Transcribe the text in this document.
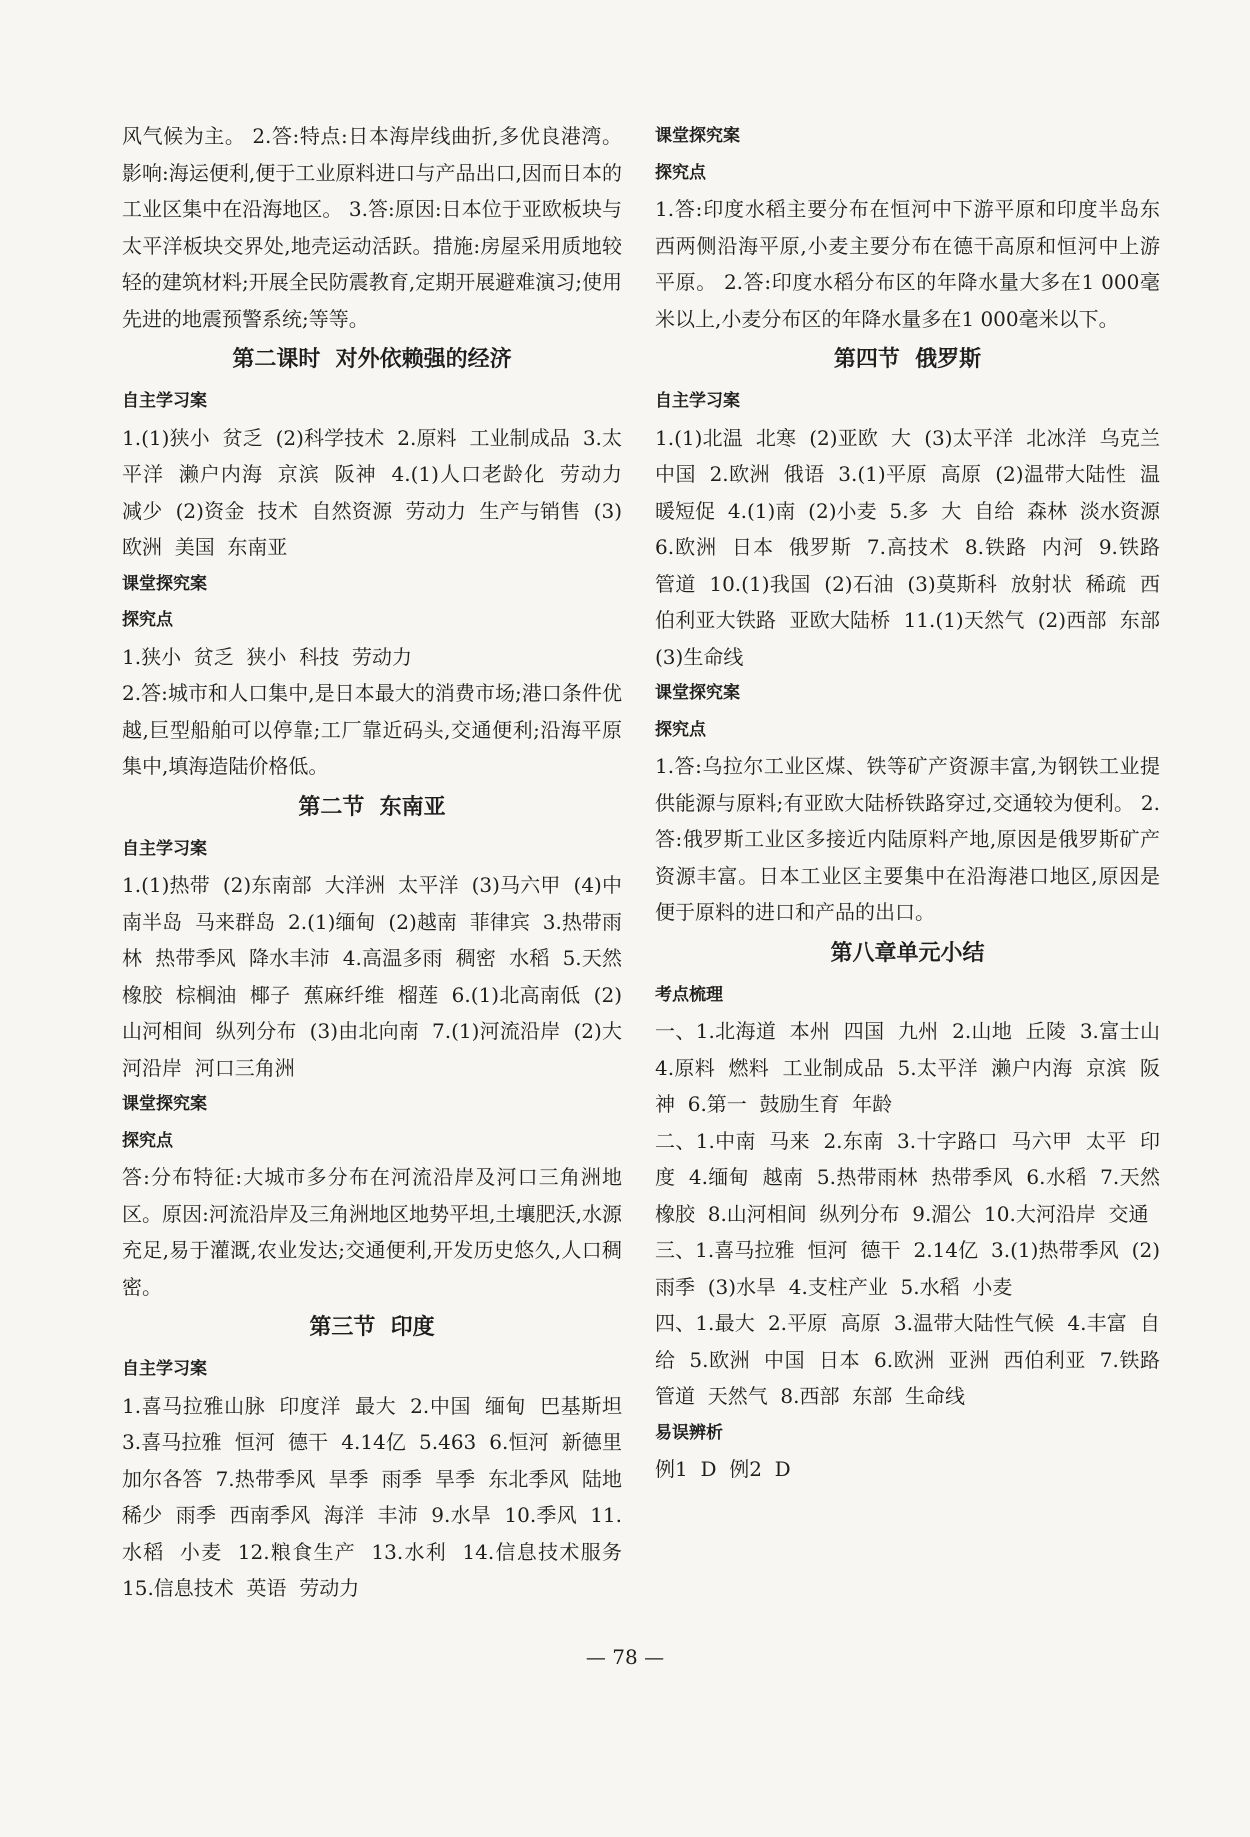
风气候为主。 2.答:特点:日本海岸线曲折,多优良港湾。影响:海运便利,便于工业原料进口与产品出口,因而日本的工业区集中在沿海地区。 3.答:原因:日本位于亚欧板块与太平洋板块交界处,地壳运动活跃。措施:房屋采用质地较轻的建筑材料;开展全民防震教育,定期开展避难演习;使用先进的地震预警系统;等等。

第二课时  对外依赖强的经济
自主学习案

1.(1)狭小  贫乏  (2)科学技术  2.原料  工业制成品  3.太平洋  濑户内海  京滨  阪神  4.(1)人口老龄化  劳动力  减少  (2)资金  技术  自然资源  劳动力  生产与销售  (3)欧洲  美国  东南亚

课堂探究案
探究点

1.狭小  贫乏  狭小  科技  劳动力

2.答:城市和人口集中,是日本最大的消费市场;港口条件优越,巨型船舶可以停靠;工厂靠近码头,交通便利;沿海平原集中,填海造陆价格低。

第二节  东南亚
自主学习案

1.(1)热带  (2)东南部  大洋洲  太平洋  (3)马六甲  (4)中南半岛  马来群岛  2.(1)缅甸  (2)越南  菲律宾  3.热带雨林  热带季风  降水丰沛  4.高温多雨  稠密  水稻  5.天然橡胶  棕榈油  椰子  蕉麻纤维  榴莲  6.(1)北高南低  (2)山河相间  纵列分布  (3)由北向南  7.(1)河流沿岸  (2)大河沿岸  河口三角洲

课堂探究案
探究点

答:分布特征:大城市多分布在河流沿岸及河口三角洲地区。原因:河流沿岸及三角洲地区地势平坦,土壤肥沃,水源充足,易于灌溉,农业发达;交通便利,开发历史悠久,人口稠密。

第三节  印度
自主学习案

1.喜马拉雅山脉  印度洋  最大  2.中国  缅甸  巴基斯坦  3.喜马拉雅  恒河  德干  4.14亿  5.463  6.恒河  新德里  加尔各答  7.热带季风  旱季  雨季  旱季  东北季风  陆地  稀少  雨季  西南季风  海洋  丰沛  9.水旱  10.季风  11.水稻  小麦  12.粮食生产  13.水利  14.信息技术服务  15.信息技术  英语  劳动力

课堂探究案
探究点

1.答:印度水稻主要分布在恒河中下游平原和印度半岛东西两侧沿海平原,小麦主要分布在德干高原和恒河中上游平原。 2.答:印度水稻分布区的年降水量大多在1 000毫米以上,小麦分布区的年降水量多在1 000毫米以下。

第四节  俄罗斯
自主学习案

1.(1)北温  北寒  (2)亚欧  大  (3)太平洋  北冰洋  乌克兰  中国  2.欧洲  俄语  3.(1)平原  高原  (2)温带大陆性  温暖短促  4.(1)南  (2)小麦  5.多  大  自给  森林  淡水资源  6.欧洲  日本  俄罗斯  7.高技术  8.铁路  内河  9.铁路  管道  10.(1)我国  (2)石油  (3)莫斯科  放射状  稀疏  西伯利亚大铁路  亚欧大陆桥  11.(1)天然气  (2)西部  东部  (3)生命线

课堂探究案
探究点

1.答:乌拉尔工业区煤、铁等矿产资源丰富,为钢铁工业提供能源与原料;有亚欧大陆桥铁路穿过,交通较为便利。 2.答:俄罗斯工业区多接近内陆原料产地,原因是俄罗斯矿产资源丰富。日本工业区主要集中在沿海港口地区,原因是便于原料的进口和产品的出口。

第八章单元小结
考点梳理

一、1.北海道  本州  四国  九州  2.山地  丘陵  3.富士山  4.原料  燃料  工业制成品  5.太平洋  濑户内海  京滨  阪神  6.第一  鼓励生育  年龄

二、1.中南  马来  2.东南  3.十字路口  马六甲  太平  印度  4.缅甸  越南  5.热带雨林  热带季风  6.水稻  7.天然橡胶  8.山河相间  纵列分布  9.湄公  10.大河沿岸  交通

三、1.喜马拉雅  恒河  德干  2.14亿  3.(1)热带季风  (2)雨季  (3)水旱  4.支柱产业  5.水稻  小麦

四、1.最大  2.平原  高原  3.温带大陆性气候  4.丰富  自给  5.欧洲  中国  日本  6.欧洲  亚洲  西伯利亚  7.铁路  管道  天然气  8.西部  东部  生命线

易误辨析

例1  D  例2  D

— 78 —
